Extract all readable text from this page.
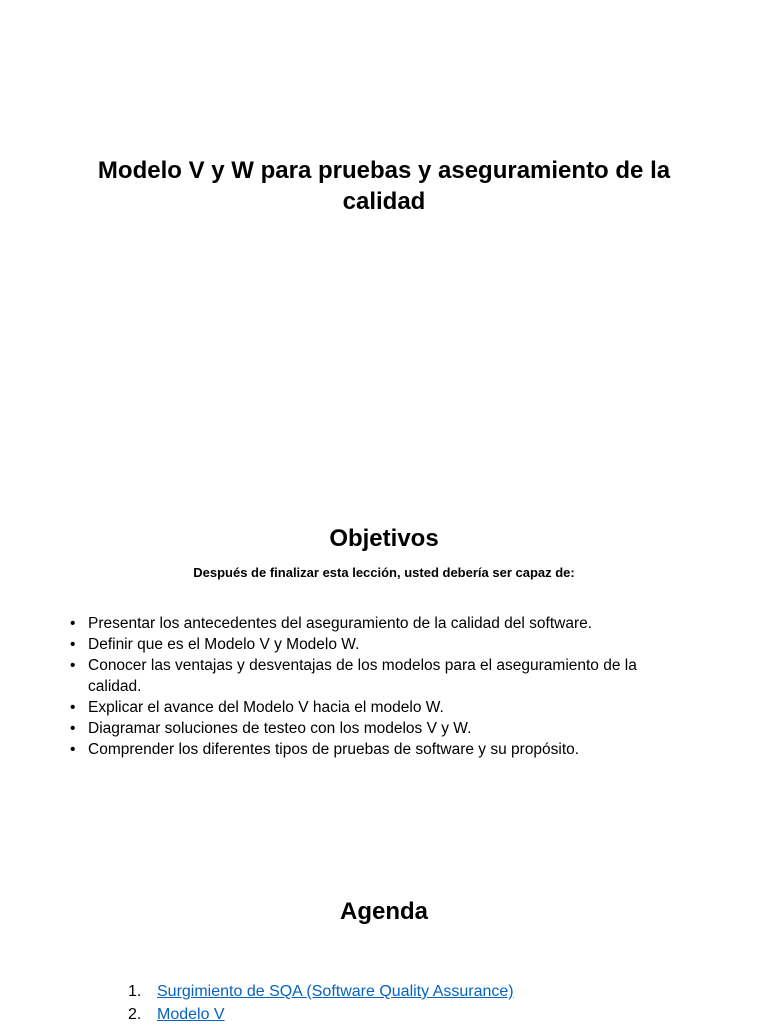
Modelo V y W para pruebas y aseguramiento de la calidad
Objetivos

Después de finalizar esta lección, usted debería ser capaz de:

• Presentar los antecedentes del aseguramiento de la calidad del software.
• Definir que es el Modelo V y Modelo W.
• Conocer las ventajas y desventajas de los modelos para el aseguramiento de la calidad.
• Explicar el avance del Modelo V hacia el modelo W.
• Diagramar soluciones de testeo con los modelos V y W.
• Comprender los diferentes tipos de pruebas de software y su propósito.
Agenda
1. Surgimiento de SQA (Software Quality Assurance)
2. Modelo V
